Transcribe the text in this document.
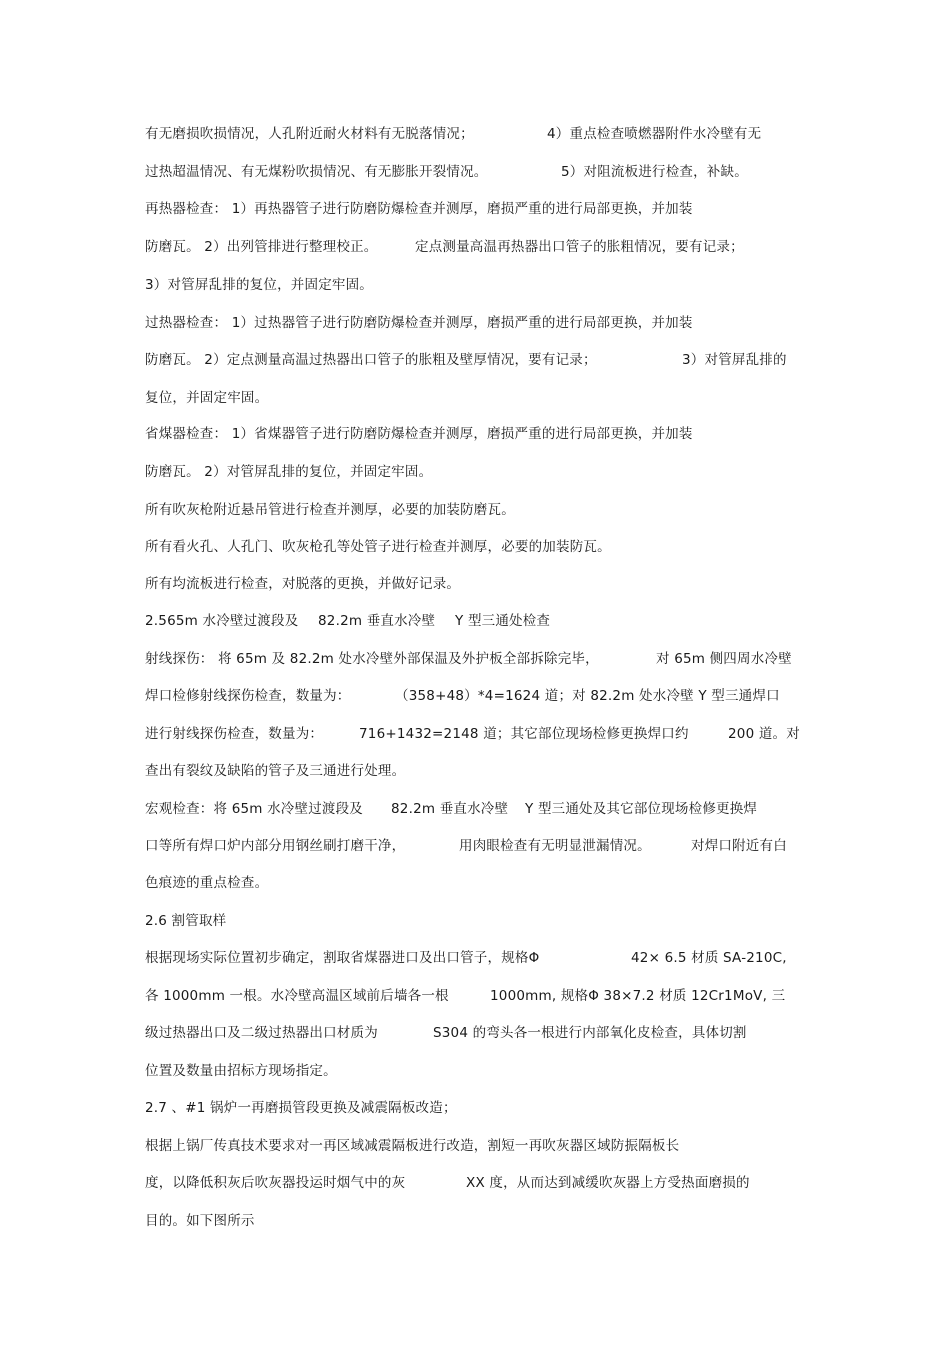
有无磨损吹损情况，人孔附近耐火材料有无脱落情况；	4）重点检查喷燃器附件水冷壁有无
过热超温情况、有无煤粉吹损情况、有无膨胀开裂情况。	5）对阻流板进行检查，补缺。
再热器检查： 1）再热器管子进行防磨防爆检查并测厚，磨损严重的进行局部更换，并加装
防磨瓦。 2）出列管排进行整理校正。	定点测量高温再热器出口管子的胀粗情况，要有记录；
3）对管屏乱排的复位，并固定牢固。
过热器检查： 1）过热器管子进行防磨防爆检查并测厚，磨损严重的进行局部更换，并加装
防磨瓦。 2）定点测量高温过热器出口管子的胀粗及壁厚情况，要有记录；	3）对管屏乱排的
复位，并固定牢固。
省煤器检查： 1）省煤器管子进行防磨防爆检查并测厚，磨损严重的进行局部更换，并加装
防磨瓦。 2）对管屏乱排的复位，并固定牢固。
所有吹灰枪附近悬吊管进行检查并测厚，必要的加装防磨瓦。
所有看火孔、人孔门、吹灰枪孔等处管子进行检查并测厚，必要的加装防瓦。
所有均流板进行检查，对脱落的更换，并做好记录。
2.565m 水冷壁过渡段及 82.2m 垂直水冷壁 Y 型三通处检查
射线探伤： 将 65m 及 82.2m 处水冷壁外部保温及外护板全部拆除完毕，	对 65m 侧四周水冷壁
焊口检修射线探伤检查，数量为：	（358+48）*4=1624 道；对 82.2m 处水冷壁 Y 型三通焊口
进行射线探伤检查，数量为：	716+1432=2148 道；其它部位现场检修更换焊口约	200 道。对
查出有裂纹及缺陷的管子及三通进行处理。
宏观检查：将 65m 水冷壁过渡段及 82.2m 垂直水冷壁 Y 型三通处及其它部位现场检修更换焊
口等所有焊口炉内部分用钢丝刷打磨干净，	用肉眼检查有无明显泄漏情况。	对焊口附近有白
色痕迹的重点检查。
2.6 割管取样
根据现场实际位置初步确定，割取省煤器进口及出口管子，规格Φ	42× 6.5 材质 SA-210C,
各 1000mm 一根。水冷壁高温区域前后墙各一根	1000mm, 规格Φ 38×7.2 材质 12Cr1MoV, 三
级过热器出口及二级过热器出口材质为	S304 的弯头各一根进行内部氧化皮检查，具体切割
位置及数量由招标方现场指定。
2.7 、#1 锅炉一再磨损管段更换及减震隔板改造；
根据上锅厂传真技术要求对一再区域减震隔板进行改造，割短一再吹灰器区域防振隔板长
度，以降低积灰后吹灰器投运时烟气中的灰	XX 度，从而达到减缓吹灰器上方受热面磨损的
目的。如下图所示
